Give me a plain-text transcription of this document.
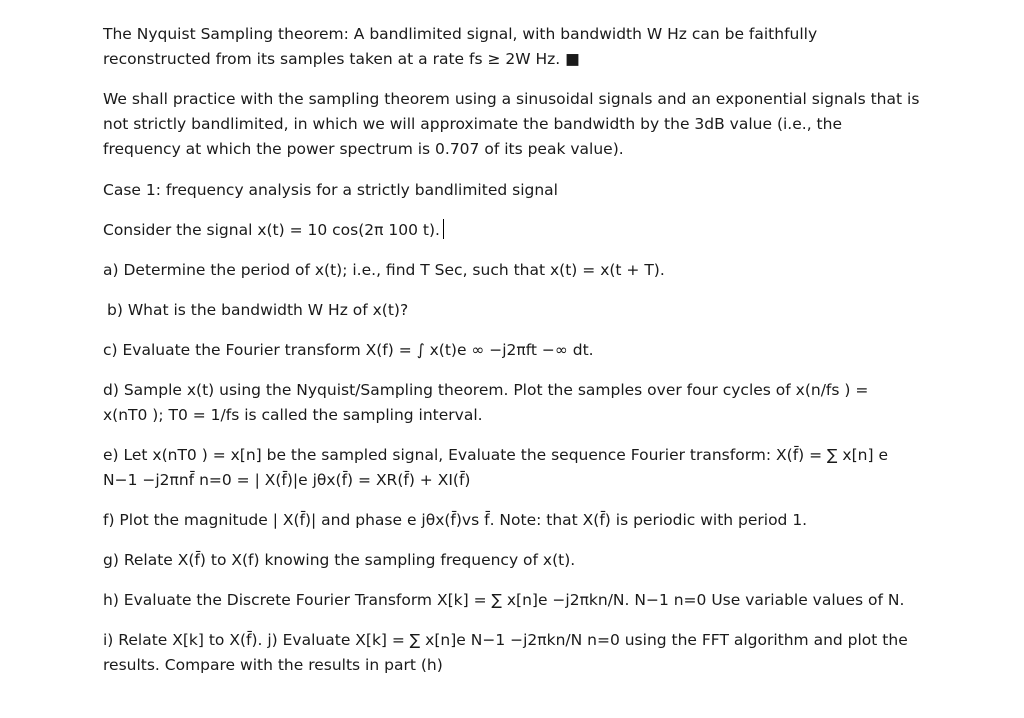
The Nyquist Sampling theorem: A bandlimited signal, with bandwidth W Hz can be faithfully
reconstructed from its samples taken at a rate fs ≥ 2W Hz. ■

We shall practice with the sampling theorem using a sinusoidal signals and an exponential signals that is
not strictly bandlimited, in which we will approximate the bandwidth by the 3dB value (i.e., the
frequency at which the power spectrum is 0.707 of its peak value).

Case 1: frequency analysis for a strictly bandlimited signal

Consider the signal x(t) = 10 cos(2π 100 t).

a) Determine the period of x(t); i.e., find T Sec, such that x(t) = x(t + T).

b) What is the bandwidth W Hz of x(t)?

c) Evaluate the Fourier transform X(f) = ∫ x(t)e ∞ −j2πft −∞ dt.

d) Sample x(t) using the Nyquist/Sampling theorem. Plot the samples over four cycles of x(n/fs ) =
x(nT0 ); T0 = 1/fs is called the sampling interval.

e) Let x(nT0 ) = x[n] be the sampled signal, Evaluate the sequence Fourier transform: X(f̄) = ∑ x[n] e
N−1 −j2πnf̄ n=0 = | X(f̄)|e jθx(f̄) = XR(f̄) + XI(f̄)

f) Plot the magnitude | X(f̄)| and phase e jθx(f̄)vs f̄. Note: that X(f̄) is periodic with period 1.

g) Relate X(f̄) to X(f) knowing the sampling frequency of x(t).

h) Evaluate the Discrete Fourier Transform X[k] = ∑ x[n]e −j2πkn/N. N−1 n=0 Use variable values of N.

i) Relate X[k] to X(f̄). j) Evaluate X[k] = ∑ x[n]e N−1 −j2πkn/N n=0 using the FFT algorithm and plot the
results. Compare with the results in part (h)
